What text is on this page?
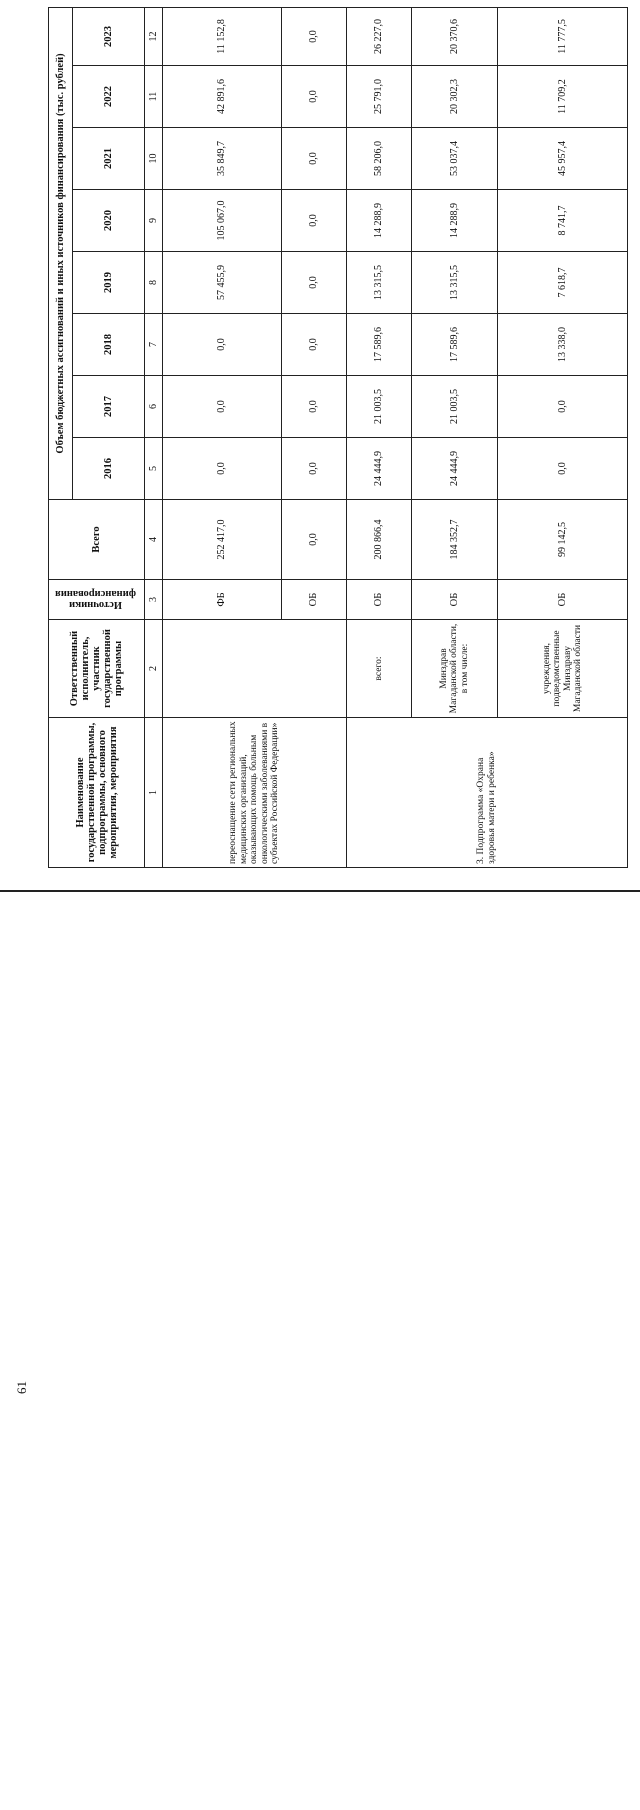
61
Наименование государственной программы, подпрограммы, основного мероприятия, мероприятия	Ответственный исполнитель, участник государственной программы	Источники финансирования	Всего	Объем бюджетных ассигнований и иных источников финансирования (тыс. рублей)							
				2016	2017	2018	2019	2020	2021	2022	2023
1	2	3	4	5	6	7	8	9	10	11	12
переоснащение сети региональных медицинских организаций, оказывающих помощь больным онкологическими заболеваниями в субъектах Российской Федерации»		ФБ	252 417,0	0,0	0,0	0,0	57 455,9	105 067,0	35 849,7	42 891,6	11 152,8
		ОБ	0,0	0,0	0,0	0,0	0,0	0,0	0,0	0,0	0,0
3. Подпрограмма «Охрана здоровья матери и ребенка»	всего:	ОБ	200 866,4	24 444,9	21 003,5	17 589,6	13 315,5	14 288,9	58 206,0	25 791,0	26 227,0
	Минздрав Магаданской области, в том числе:	ОБ	184 352,7	24 444,9	21 003,5	17 589,6	13 315,5	14 288,9	53 037,4	20 302,3	20 370,6
	учреждения, подведомственные Минздраву Магаданской области	ОБ	99 142,5	0,0	0,0	13 338,0	7 618,7	8 741,7	45 957,4	11 709,2	11 777,5
